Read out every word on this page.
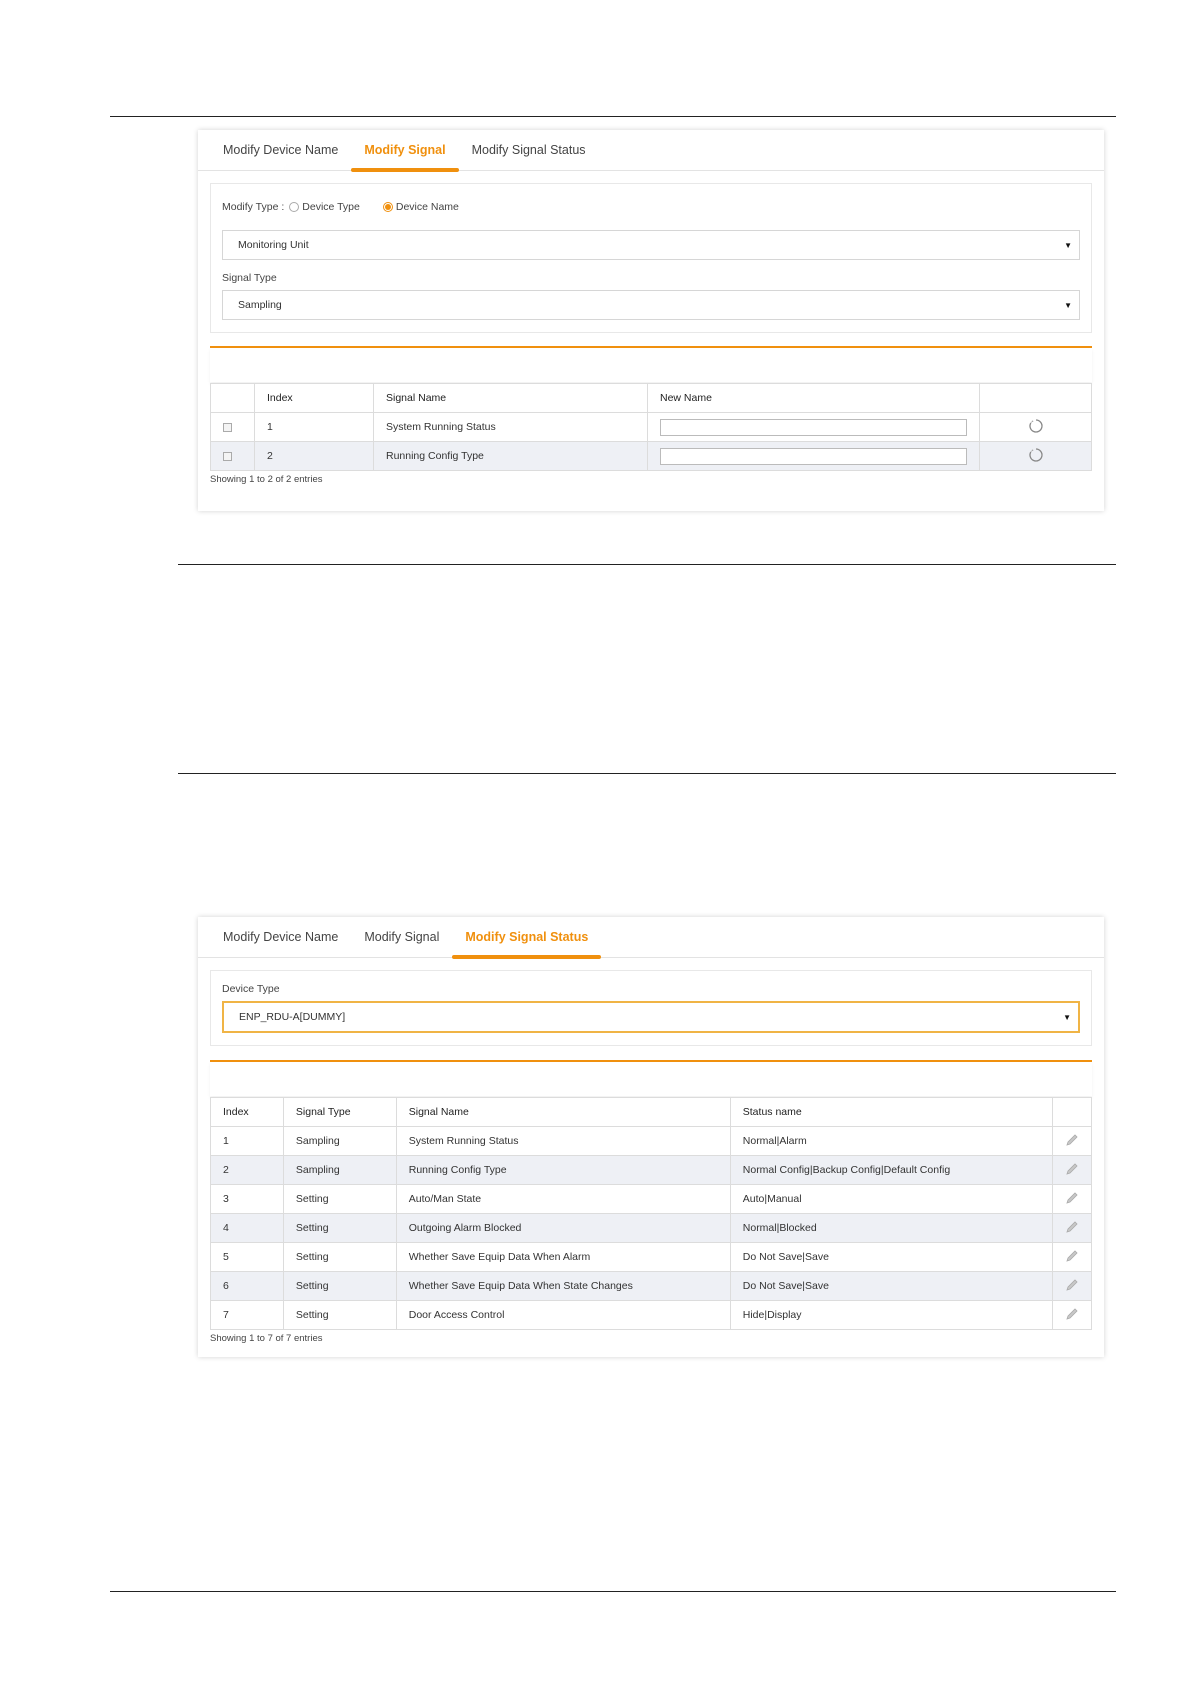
Modify Device Name	Modify Signal	Modify Signal Status
Modify Type : Device Type	Device Name
Monitoring Unit	▼
Signal Type
Sampling	▼
	Index	Signal Name	New Name	
	1	System Running Status	

	2	Running Config Type	

Showing 1 to 2 of 2 entries
Modify Device Name	Modify Signal	Modify Signal Status
Device Type
ENP_RDU-A[DUMMY]	▼
Index	Signal Type	Signal Name	Status name	
1	Sampling	System Running Status	Normal|Alarm	
2	Sampling	Running Config Type	Normal Config|Backup Config|Default Config	
3	Setting	Auto/Man State	Auto|Manual	
4	Setting	Outgoing Alarm Blocked	Normal|Blocked	
5	Setting	Whether Save Equip Data When Alarm	Do Not Save|Save	
6	Setting	Whether Save Equip Data When State Changes	Do Not Save|Save	
7	Setting	Door Access Control	Hide|Display	
Showing 1 to 7 of 7 entries
